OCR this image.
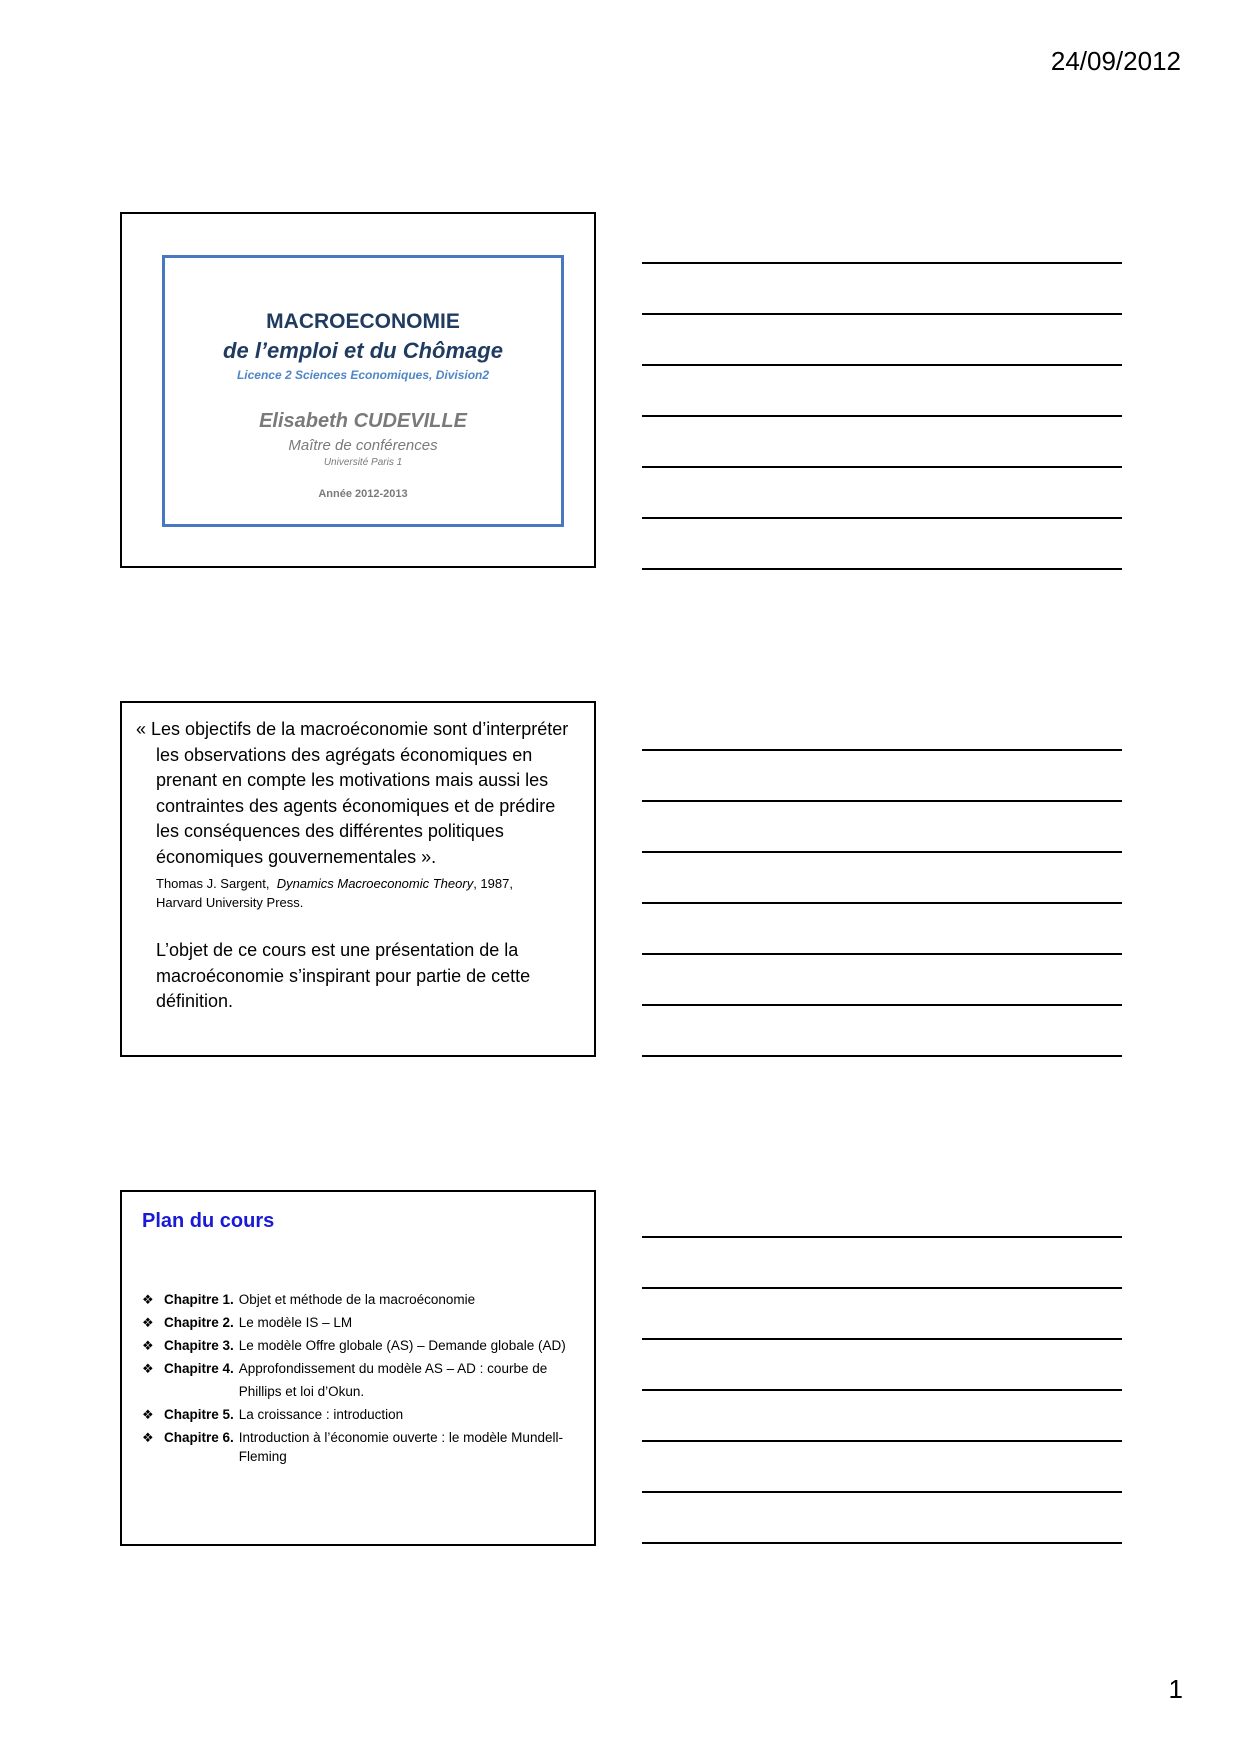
24/09/2012
MACROECONOMIE
de l’emploi et du Chômage
Licence 2 Sciences Economiques, Division2
Elisabeth CUDEVILLE
Maître de conférences
Université Paris 1
Année 2012-2013

« Les objectifs de la macroéconomie sont d’interpréter les observations des agrégats économiques en prenant en compte les motivations mais aussi les contraintes des agents économiques et de prédire les conséquences des différentes politiques économiques gouvernementales ».

Thomas J. Sargent, Dynamics Macroeconomic Theory, 1987,
Harvard University Press.
L’objet de ce cours est une présentation de la macroéconomie s’inspirant pour partie de cette définition.
Plan du cours
❖ Chapitre 1. Objet et méthode de la macroéconomie
❖ Chapitre 2. Le modèle IS – LM
❖ Chapitre 3. Le modèle Offre globale (AS) – Demande globale (AD)
❖ Chapitre 4. Approfondissement du modèle AS – AD : courbe de Phillips et loi d’Okun.
❖ Chapitre 5. La croissance : introduction
❖ Chapitre 6. Introduction à l’économie ouverte : le modèle Mundell-Fleming
1
